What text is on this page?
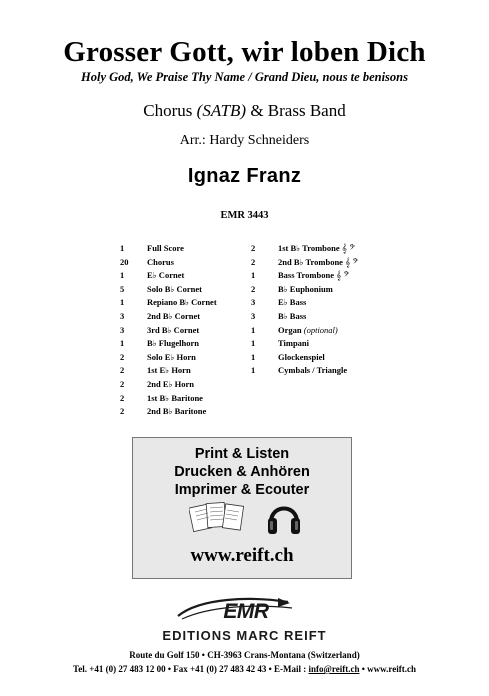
Grosser Gott, wir loben Dich
Holy God, We Praise Thy Name / Grand Dieu, nous te benisons
Chorus (SATB) & Brass Band
Arr.: Hardy Schneiders
Ignaz Franz
EMR 3443
1	Full Score
20 Chorus
1	E♭ Cornet
5	Solo B♭ Cornet
1	Repiano B♭ Cornet
3	2nd B♭ Cornet
3	3rd B♭ Cornet
1	B♭ Flugelhorn
2	Solo E♭ Horn
2	1st E♭ Horn
2	2nd E♭ Horn
2	1st B♭ Baritone
2	2nd B♭ Baritone
2	1st B♭ Trombone 𝄞 𝄢
2	2nd B♭ Trombone 𝄞 𝄢
1	Bass Trombone 𝄞 𝄢
2	B♭ Euphonium
3	E♭ Bass
3	B♭ Bass
1	Organ (optional)
1	Timpani
1	Glockenspiel
1	Cymbals / Triangle
Print & Listen
Drucken & Anhören
Imprimer & Ecouter
www.reift.ch
EMR
EDITIONS MARC REIFT
Route du Golf 150 • CH-3963 Crans-Montana (Switzerland)
Tel. +41 (0) 27 483 12 00 • Fax +41 (0) 27 483 42 43 • E-Mail : info@reift.ch • www.reift.ch
